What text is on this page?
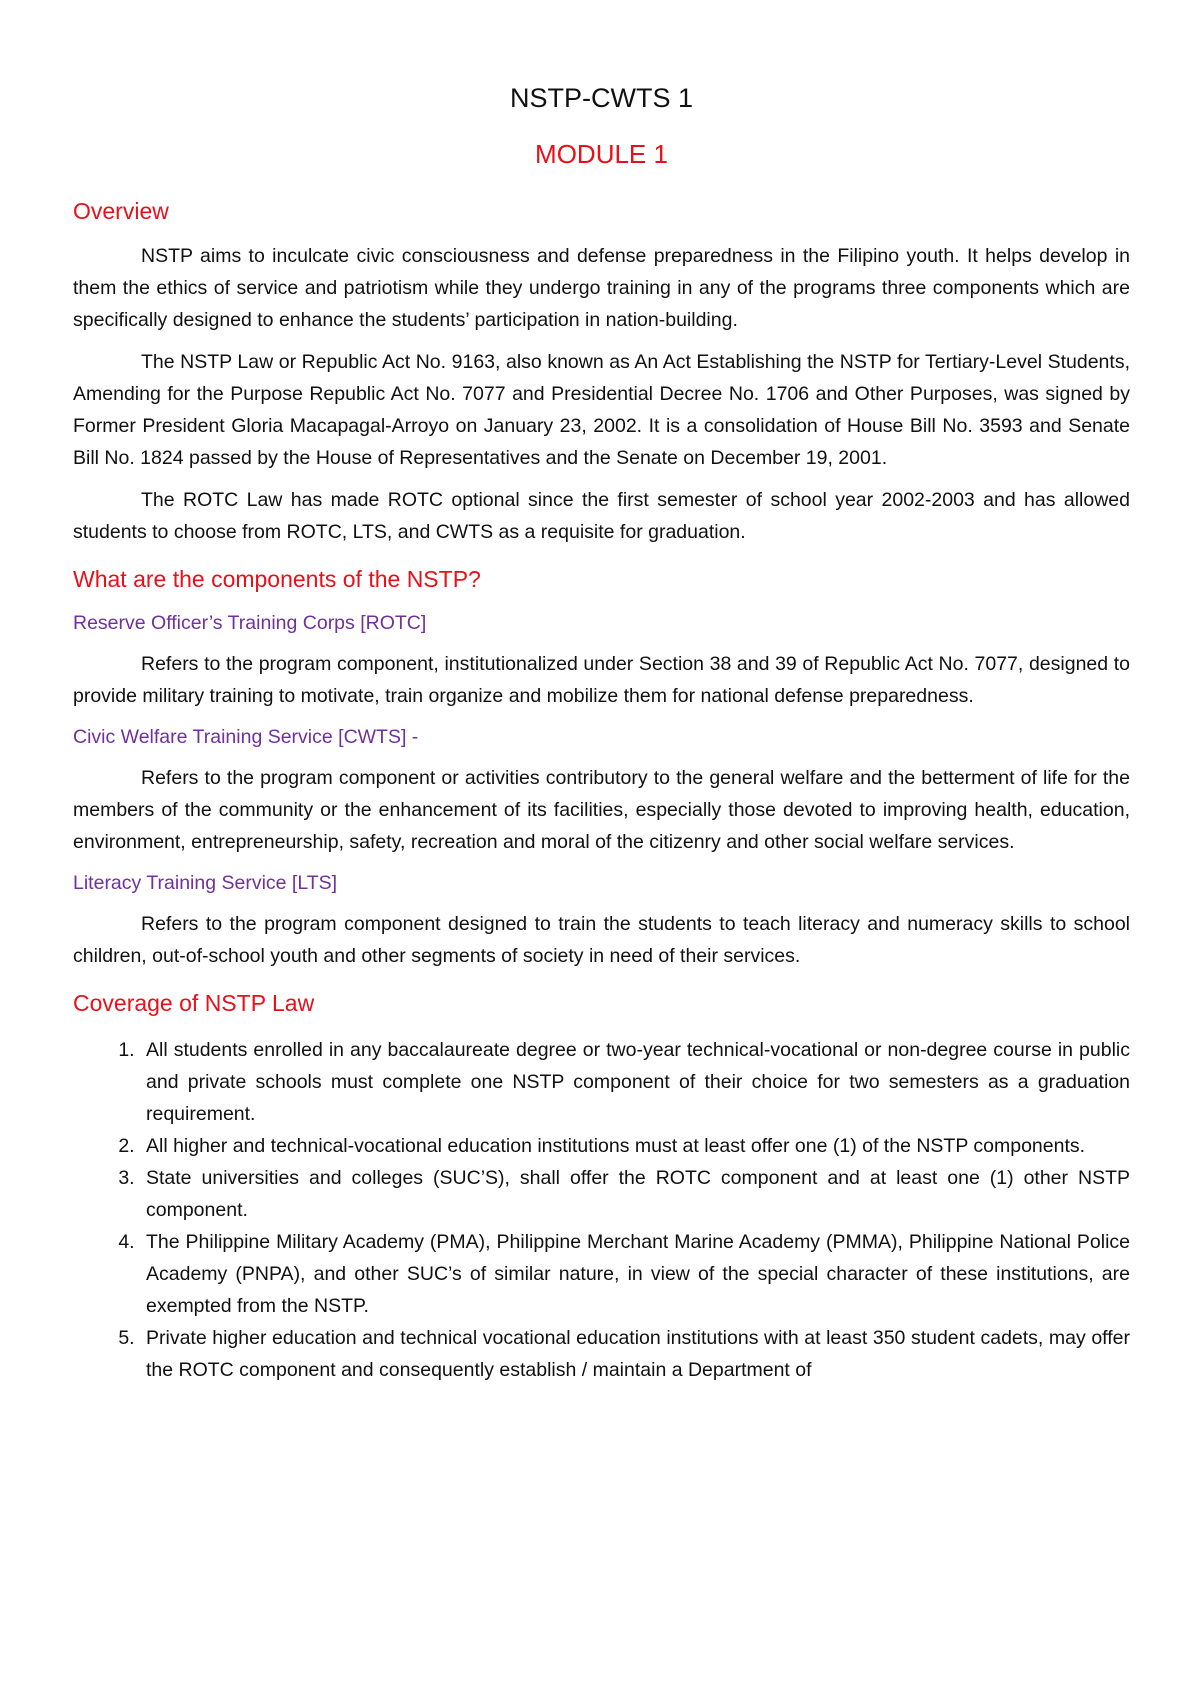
NSTP-CWTS 1
MODULE 1
Overview

NSTP aims to inculcate civic consciousness and defense preparedness in the Filipino youth. It helps develop in them the ethics of service and patriotism while they undergo training in any of the programs three components which are specifically designed to enhance the students’ participation in nation-building.

The NSTP Law or Republic Act No. 9163, also known as An Act Establishing the NSTP for Tertiary-Level Students, Amending for the Purpose Republic Act No. 7077 and Presidential Decree No. 1706 and Other Purposes, was signed by Former President Gloria Macapagal-Arroyo on January 23, 2002. It is a consolidation of House Bill No. 3593 and Senate Bill No. 1824 passed by the House of Representatives and the Senate on December 19, 2001.

The ROTC Law has made ROTC optional since the first semester of school year 2002-2003 and has allowed students to choose from ROTC, LTS, and CWTS as a requisite for graduation.

What are the components of the NSTP?
Reserve Officer’s Training Corps [ROTC]

Refers to the program component, institutionalized under Section 38 and 39 of Republic Act No. 7077, designed to provide military training to motivate, train organize and mobilize them for national defense preparedness.

Civic Welfare Training Service [CWTS] -

Refers to the program component or activities contributory to the general welfare and the betterment of life for the members of the community or the enhancement of its facilities, especially those devoted to improving health, education, environment, entrepreneurship, safety, recreation and moral of the citizenry and other social welfare services.

Literacy Training Service [LTS]

Refers to the program component designed to train the students to teach literacy and numeracy skills to school children, out-of-school youth and other segments of society in need of their services.

Coverage of NSTP Law
1. All students enrolled in any baccalaureate degree or two-year technical-vocational or non-degree course in public and private schools must complete one NSTP component of their choice for two semesters as a graduation requirement.
2. All higher and technical-vocational education institutions must at least offer one (1) of the NSTP components.
3. State universities and colleges (SUC’S), shall offer the ROTC component and at least one (1) other NSTP component.
4. The Philippine Military Academy (PMA), Philippine Merchant Marine Academy (PMMA), Philippine National Police Academy (PNPA), and other SUC’s of similar nature, in view of the special character of these institutions, are exempted from the NSTP.
5. Private higher education and technical vocational education institutions with at least 350 student cadets, may offer the ROTC component and consequently establish / maintain a Department of
